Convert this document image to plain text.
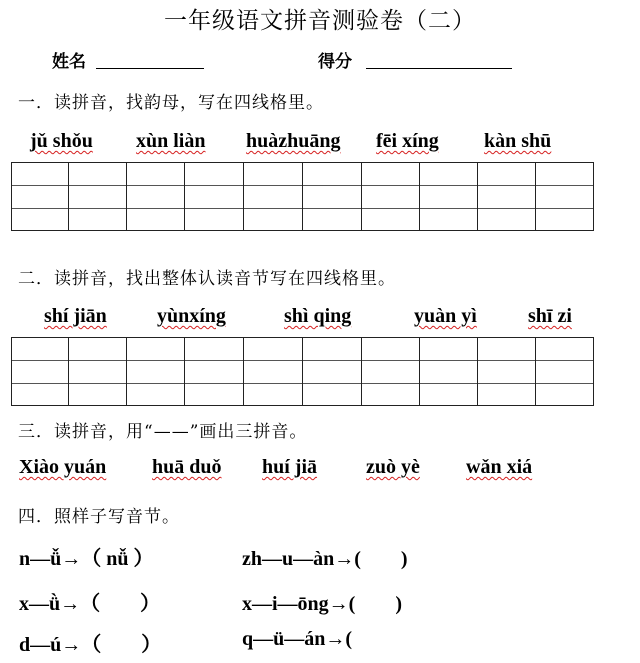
一年级语文拼音测验卷（二）
姓名	得分
一．读拼音，找韵母，写在四线格里。
jǔ shǒu xùn liàn huàzhuāng fēi xíng kàn shū
二．读拼音，找出整体认读音节写在四线格里。
shí jiān	yùnxíng	shì qing	yuàn yì	shī zi
三．读拼音，用“——”画出三拼音。
Xiào yuán huā duǒ huí jiā zuò yè wǎn xiá
四．照样子写音节。
n—ǚ→（ nǚ ）	zh—u—àn→(　　)
x—ǜ→（　　）	x—i—ōng→(　　)
d—ú→（　　）	q—ü—án→(
